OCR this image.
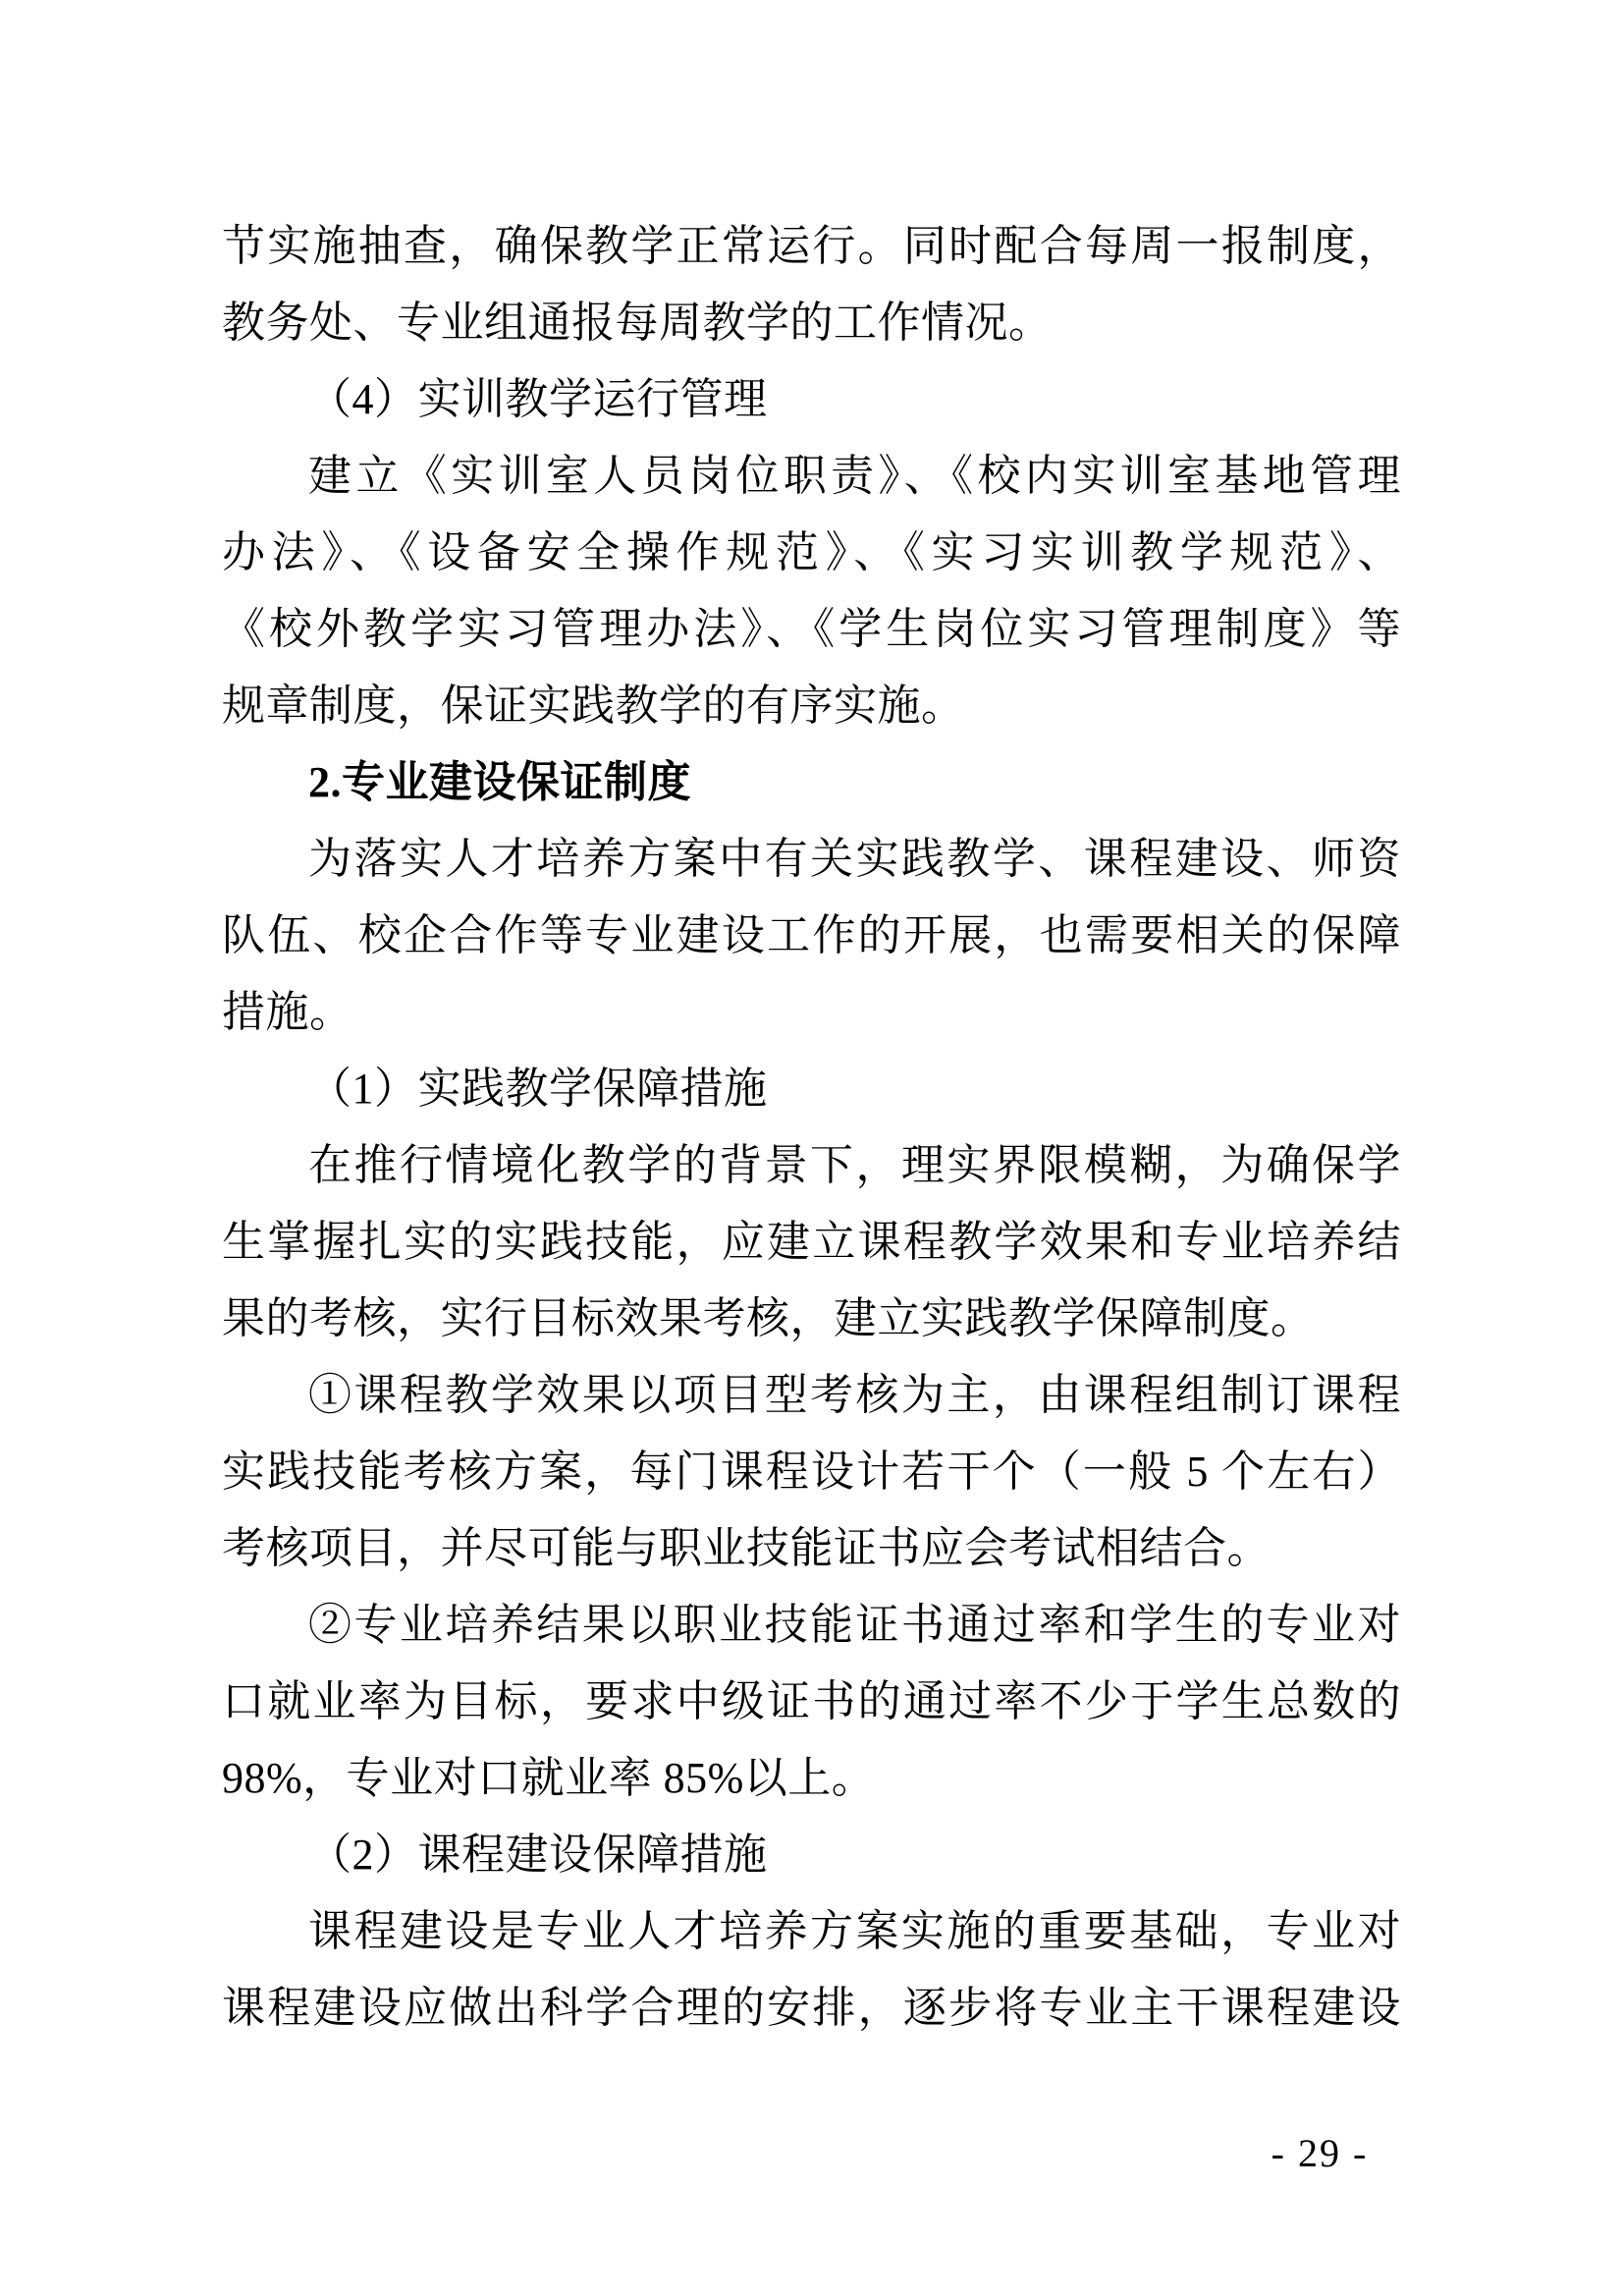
节实施抽查，确保教学正常运行。同时配合每周一报制度，
教务处、专业组通报每周教学的工作情况。
（4）实训教学运行管理
建立《实训室人员岗位职责》、《校内实训室基地管理
办法》、《设备安全操作规范》、《实习实训教学规范》、
《校外教学实习管理办法》、《学生岗位实习管理制度》等
规章制度，保证实践教学的有序实施。
2.专业建设保证制度
为落实人才培养方案中有关实践教学、课程建设、师资
队伍、校企合作等专业建设工作的开展，也需要相关的保障
措施。
（1）实践教学保障措施
在推行情境化教学的背景下，理实界限模糊，为确保学
生掌握扎实的实践技能，应建立课程教学效果和专业培养结
果的考核，实行目标效果考核，建立实践教学保障制度。
①课程教学效果以项目型考核为主，由课程组制订课程
实践技能考核方案，每门课程设计若干个（一般 5 个左右）
考核项目，并尽可能与职业技能证书应会考试相结合。
②专业培养结果以职业技能证书通过率和学生的专业对
口就业率为目标，要求中级证书的通过率不少于学生总数的
98%，专业对口就业率 85%以上。
（2）课程建设保障措施
课程建设是专业人才培养方案实施的重要基础，专业对
课程建设应做出科学合理的安排，逐步将专业主干课程建设
- 29 -
